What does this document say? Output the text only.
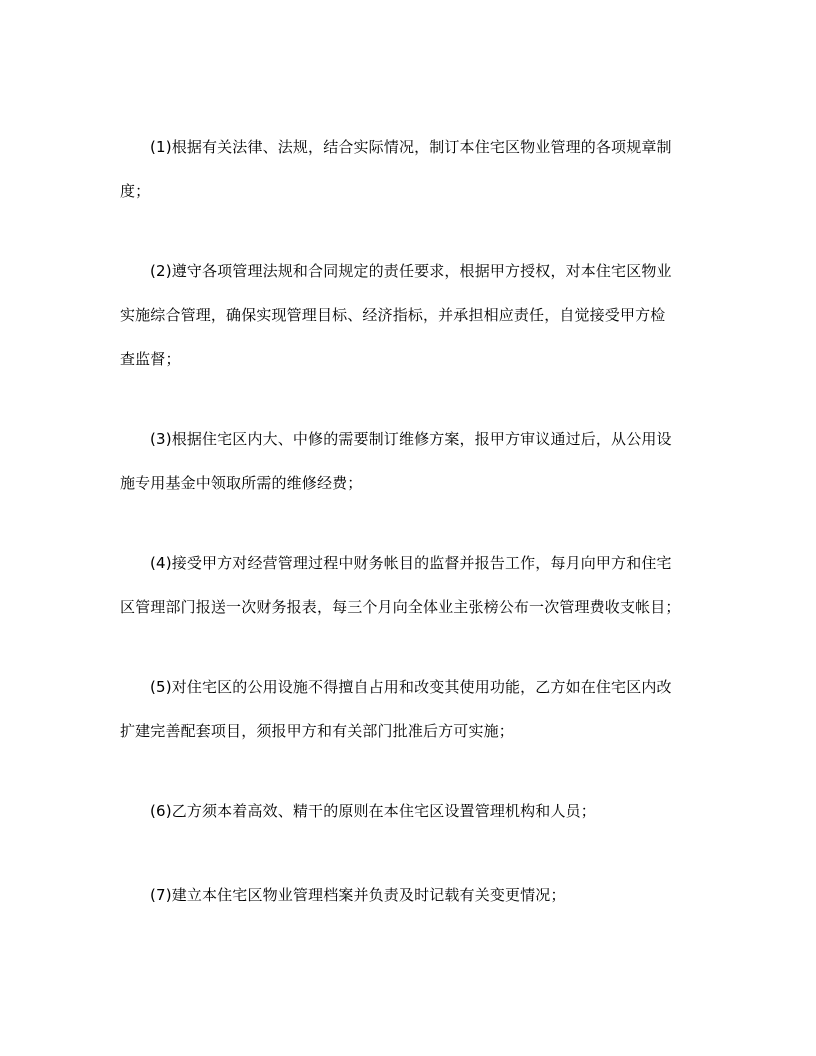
(1)根据有关法律、法规，结合实际情况，制订本住宅区物业管理的各项规章制
度；
(2)遵守各项管理法规和合同规定的责任要求，根据甲方授权，对本住宅区物业
实施综合管理，确保实现管理目标、经济指标，并承担相应责任，自觉接受甲方检
查监督；
(3)根据住宅区内大、中修的需要制订维修方案，报甲方审议通过后，从公用设
施专用基金中领取所需的维修经费；
(4)接受甲方对经营管理过程中财务帐目的监督并报告工作，每月向甲方和住宅
区管理部门报送一次财务报表，每三个月向全体业主张榜公布一次管理费收支帐目；
(5)对住宅区的公用设施不得擅自占用和改变其使用功能，乙方如在住宅区内改
扩建完善配套项目，须报甲方和有关部门批准后方可实施；
(6)乙方须本着高效、精干的原则在本住宅区设置管理机构和人员；
(7)建立本住宅区物业管理档案并负责及时记载有关变更情况；
